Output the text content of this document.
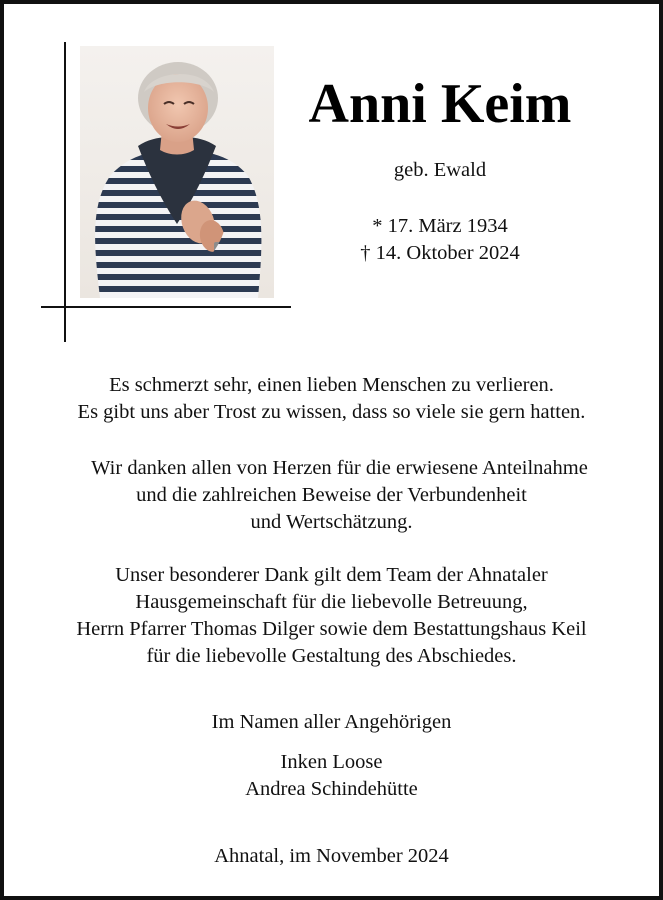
Anni Keim
geb. Ewald
* 17. März 1934
† 14. Oktober 2024
Es schmerzt sehr, einen lieben Menschen zu verlieren.
Es gibt uns aber Trost zu wissen, dass so viele sie gern hatten.
Wir danken allen von Herzen für die erwiesene Anteilnahme
und die zahlreichen Beweise der Verbundenheit
und Wertschätzung.
Unser besonderer Dank gilt dem Team der Ahnataler
Hausgemeinschaft für die liebevolle Betreuung,
Herrn Pfarrer Thomas Dilger sowie dem Bestattungshaus Keil
für die liebevolle Gestaltung des Abschiedes.
Im Namen aller Angehörigen
Inken Loose
Andrea Schindehütte
Ahnatal, im November 2024
